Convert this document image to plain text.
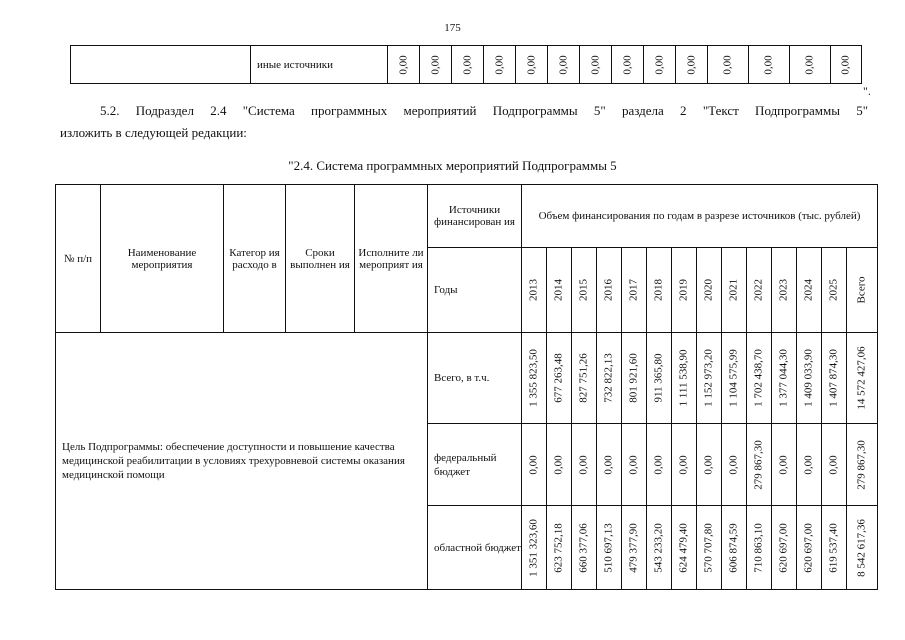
175
	иные источники	0,00	0,00	0,00	0,00	0,00	0,00	0,00	0,00	0,00	0,00	0,00	0,00	0,00	0,00
".
5.2. Подраздел 2.4 "Система программных мероприятий Подпрограммы 5" раздела 2 "Текст Подпрограммы 5"
изложить в следующей редакции:
"2.4. Система программных мероприятий Подпрограммы 5
№ п/п	Наименование мероприятия	Категор ия расходо в	Сроки выполнен ия	Исполните ли мероприят ия	Источники финансирован ия	Объем финансирования по годам в разрезе источников (тыс. рублей)													
					Годы	2013	2014	2015	2016	2017	2018	2019	2020	2021	2022	2023	2024	2025	Всего

Цель Подпрограммы: обеспечение доступности и повышение качества медицинской реабилитации в условиях трехуровневой системы оказания медицинской помощи					Всего, в т.ч.	1 355 823,50	677 263,48	827 751,26	732 822,13	801 921,60	911 365,80	1 111 538,90	1 152 973,20	1 104 575,99	1 702 438,70	1 377 044,30	1 409 033,90	1 407 874,30	14 572 427,06

					федеральный бюджет	0,00	0,00	0,00	0,00	0,00	0,00	0,00	0,00	0,00	279 867,30	0,00	0,00	0,00	279 867,30

					областной бюджет	1 351 323,60	623 752,18	660 377,06	510 697,13	479 377,90	543 233,20	624 479,40	570 707,80	606 874,59	710 863,10	620 697,00	620 697,00	619 537,40	8 542 617,36
